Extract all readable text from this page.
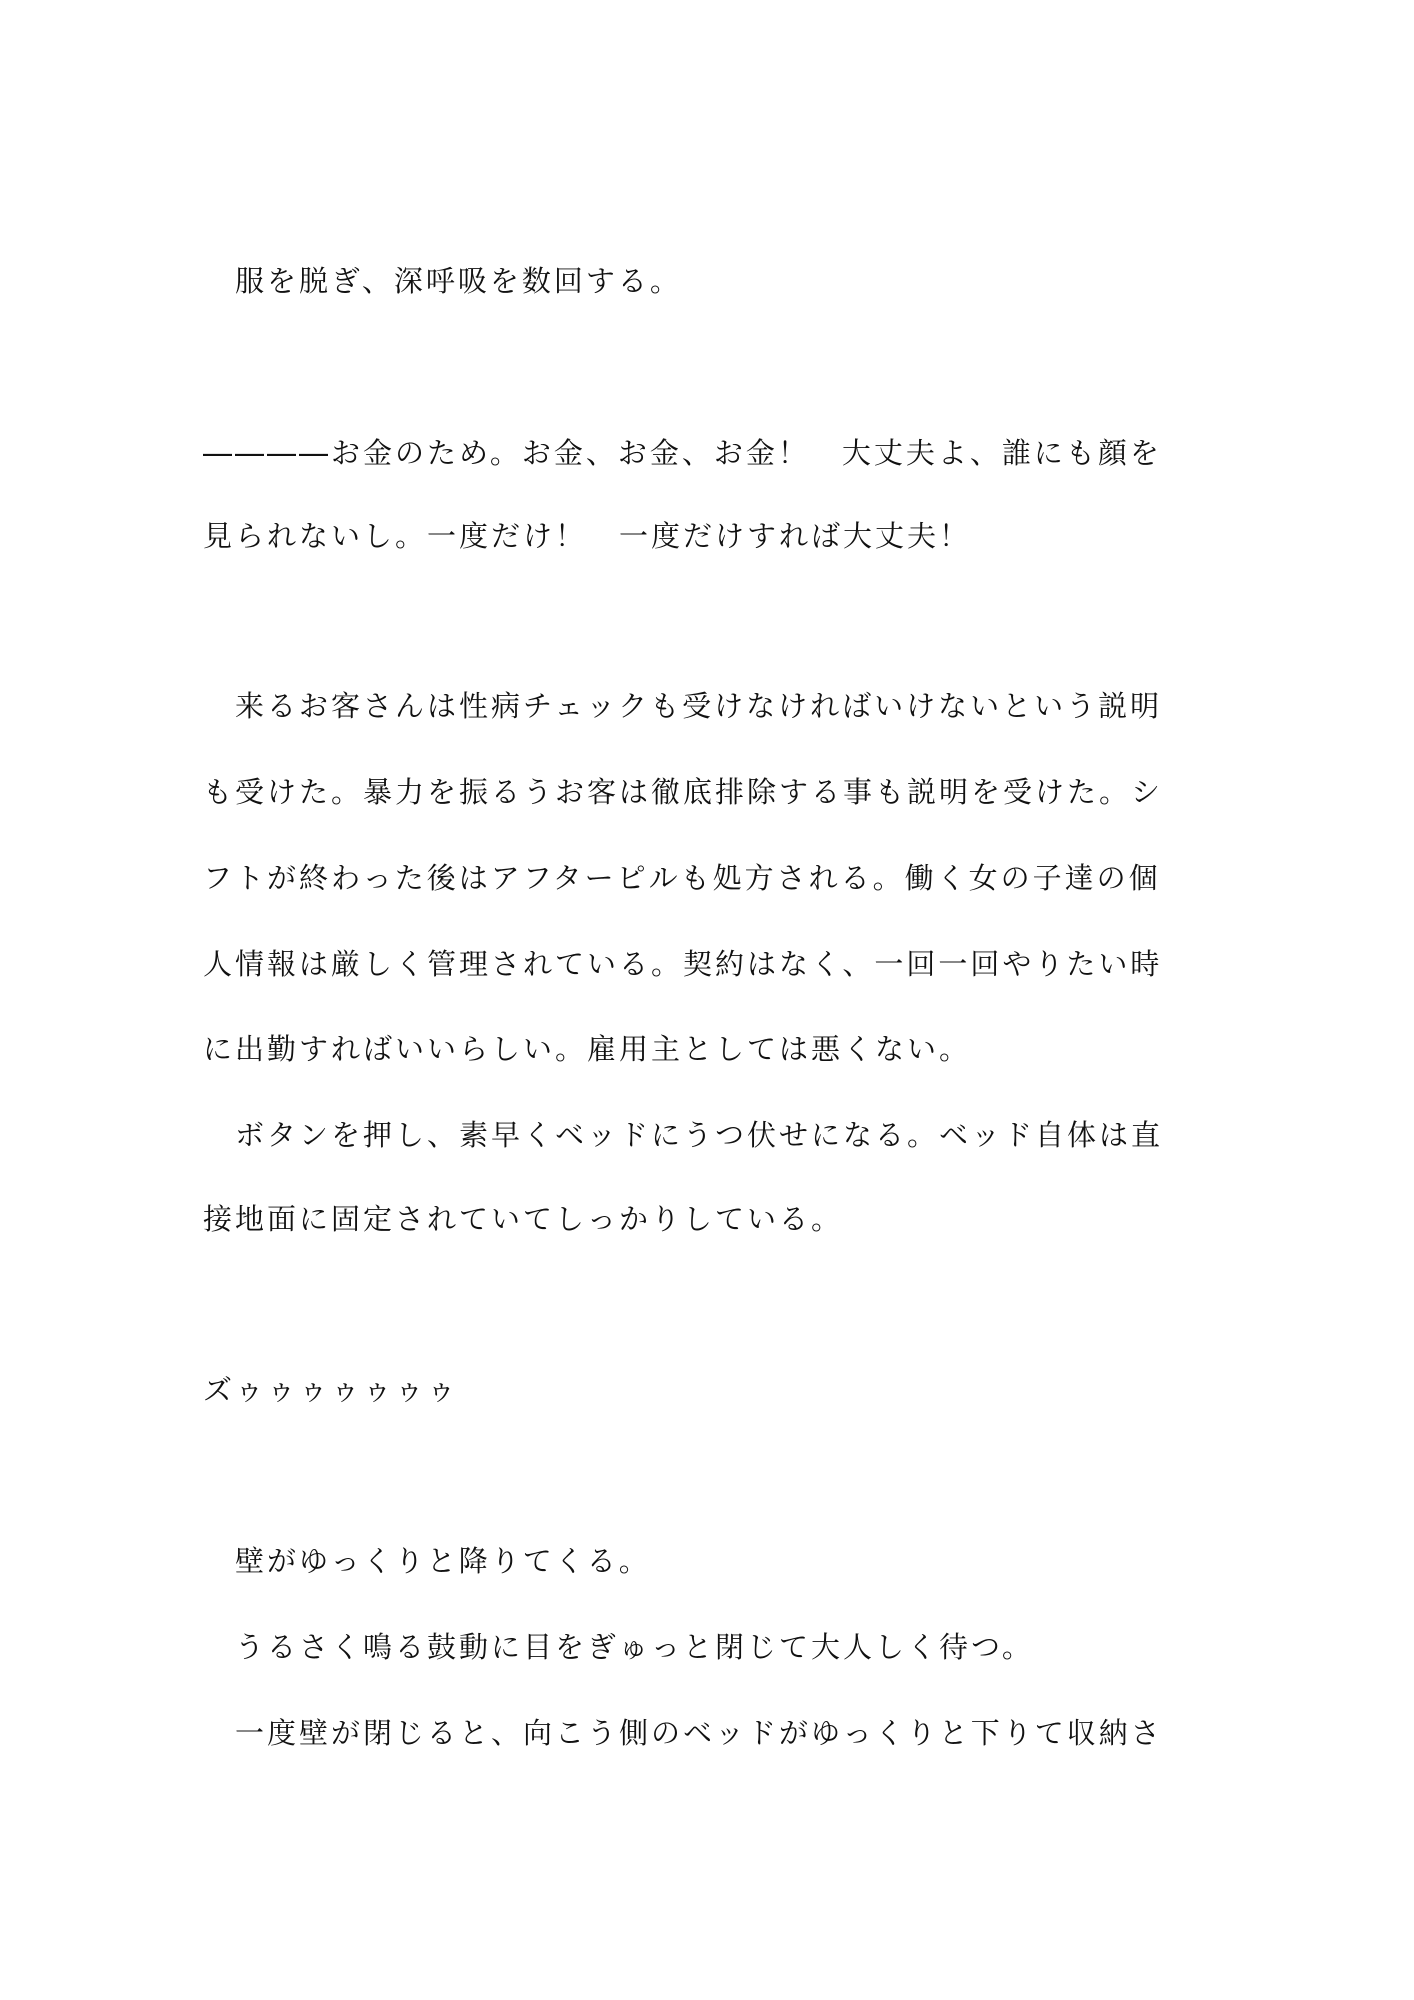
　服を脱ぎ、深呼吸を数回する。

――――お金のため。お金、お金、お金！　大丈夫よ、誰にも顔を

見られないし。一度だけ！　一度だけすれば大丈夫！

　来るお客さんは性病チェックも受けなければいけないという説明

も受けた。暴力を振るうお客は徹底排除する事も説明を受けた。シ

フトが終わった後はアフターピルも処方される。働く女の子達の個

人情報は厳しく管理されている。契約はなく、一回一回やりたい時

に出勤すればいいらしい。雇用主としては悪くない。

　ボタンを押し、素早くベッドにうつ伏せになる。ベッド自体は直

接地面に固定されていてしっかりしている。

ズゥゥゥゥゥゥゥ

　壁がゆっくりと降りてくる。

　うるさく鳴る鼓動に目をぎゅっと閉じて大人しく待つ。

　一度壁が閉じると、向こう側のベッドがゆっくりと下りて収納さ
